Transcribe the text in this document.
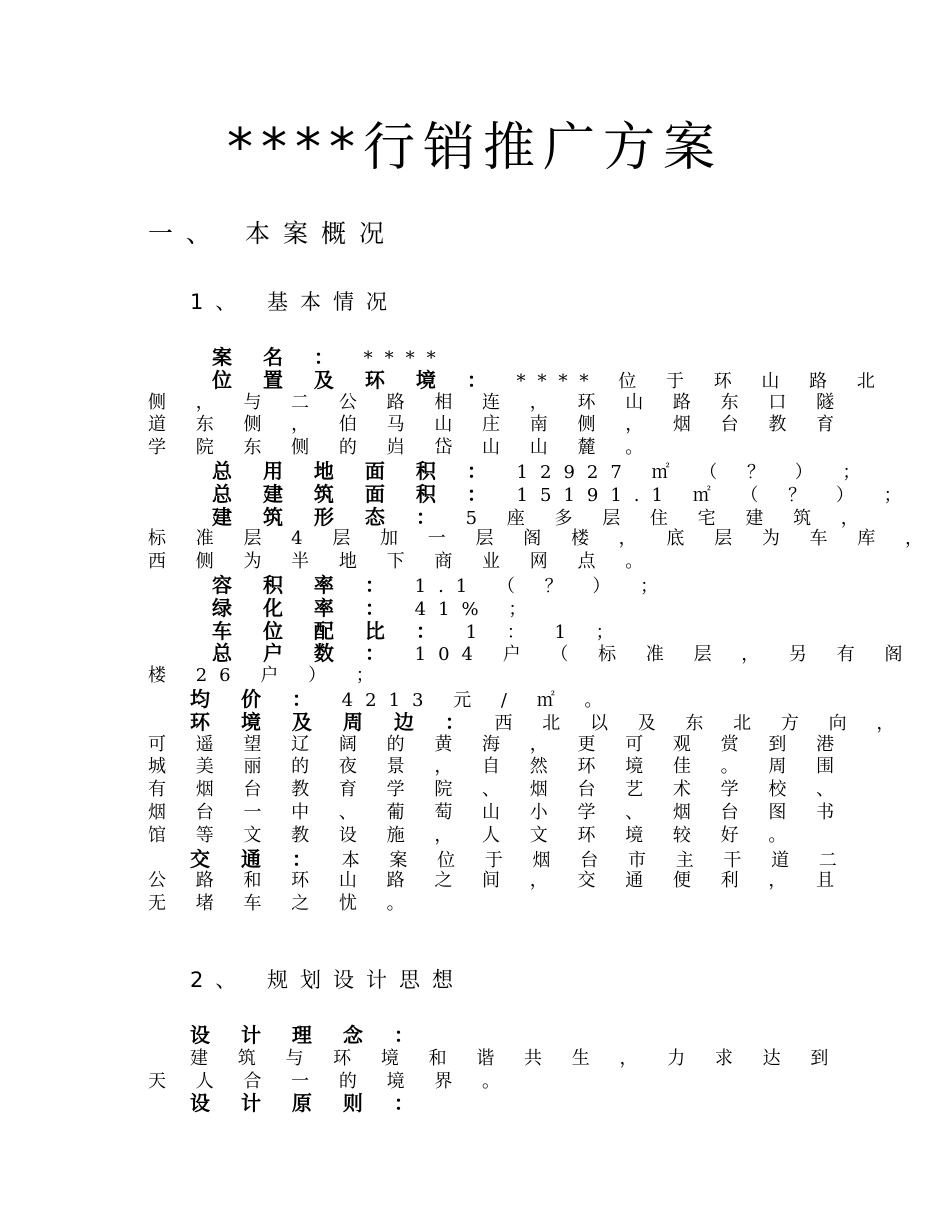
****行销推广方案
一、 本案概况
1、 基本情况
案 名 ： ****
位 置 及 环 境 ： **** 位 于 环 山 路 北
侧 ， 与 二 公 路 相 连 ， 环 山 路 东 口 隧
道 东 侧 ， 伯 马 山 庄 南 侧 ， 烟 台 教 育
学 院 东 侧 的 岿 岱 山 山 麓 。
总 用 地 面 积 ： 12927 ㎡ （ ？ ） ；
总 建 筑 面 积 ： 15191.1 ㎡ （ ？ ） ；
建 筑 形 态 ： 5 座 多 层 住 宅 建 筑 ，
标 准 层 4 层 加 一 层 阁 楼 ， 底 层 为 车 库 ，
西 侧 为 半 地 下 商 业 网 点 。
容 积 率 ： 1.1 （ ？ ） ；
绿 化 率 ： 41% ；
车 位 配 比 ： 1 ： 1 ；
总 户 数 ： 104 户 （ 标 准 层 ， 另 有 阁
楼 26 户 ） ；
均 价 ： 4213 元 / ㎡ 。
环 境 及 周 边 ： 西 北 以 及 东 北 方 向 ，
可 遥 望 辽 阔 的 黄 海 ， 更 可 观 赏 到 港
城 美 丽 的 夜 景 ， 自 然 环 境 佳 。 周 围
有 烟 台 教 育 学 院 、 烟 台 艺 术 学 校 、
烟 台 一 中 、 葡 萄 山 小 学 、 烟 台 图 书
馆 等 文 教 设 施 ， 人 文 环 境 较 好 。
交 通 ： 本 案 位 于 烟 台 市 主 干 道 二
公 路 和 环 山 路 之 间 ， 交 通 便 利 ， 且
无 堵 车 之 忧 。
2、 规划设计思想
设 计 理 念 ：
建 筑 与 环 境 和 谐 共 生 ， 力 求 达 到
天 人 合 一 的 境 界 。
设 计 原 则 ：
